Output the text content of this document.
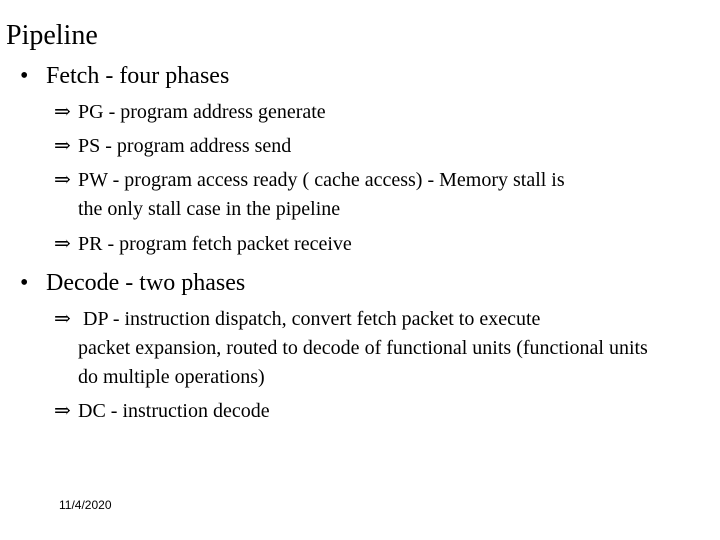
Pipeline
• Fetch - four phases
⇒ PG - program address generate
⇒ PS - program address send
⇒ PW - program access ready ( cache access) - Memory stall is
the only stall case in the pipeline
⇒ PR - program fetch packet receive
• Decode - two phases
⇒ DP - instruction dispatch, convert fetch packet to execute
packet expansion, routed to decode of functional units (functional units do multiple operations)
⇒ DC - instruction decode
11/4/2020
